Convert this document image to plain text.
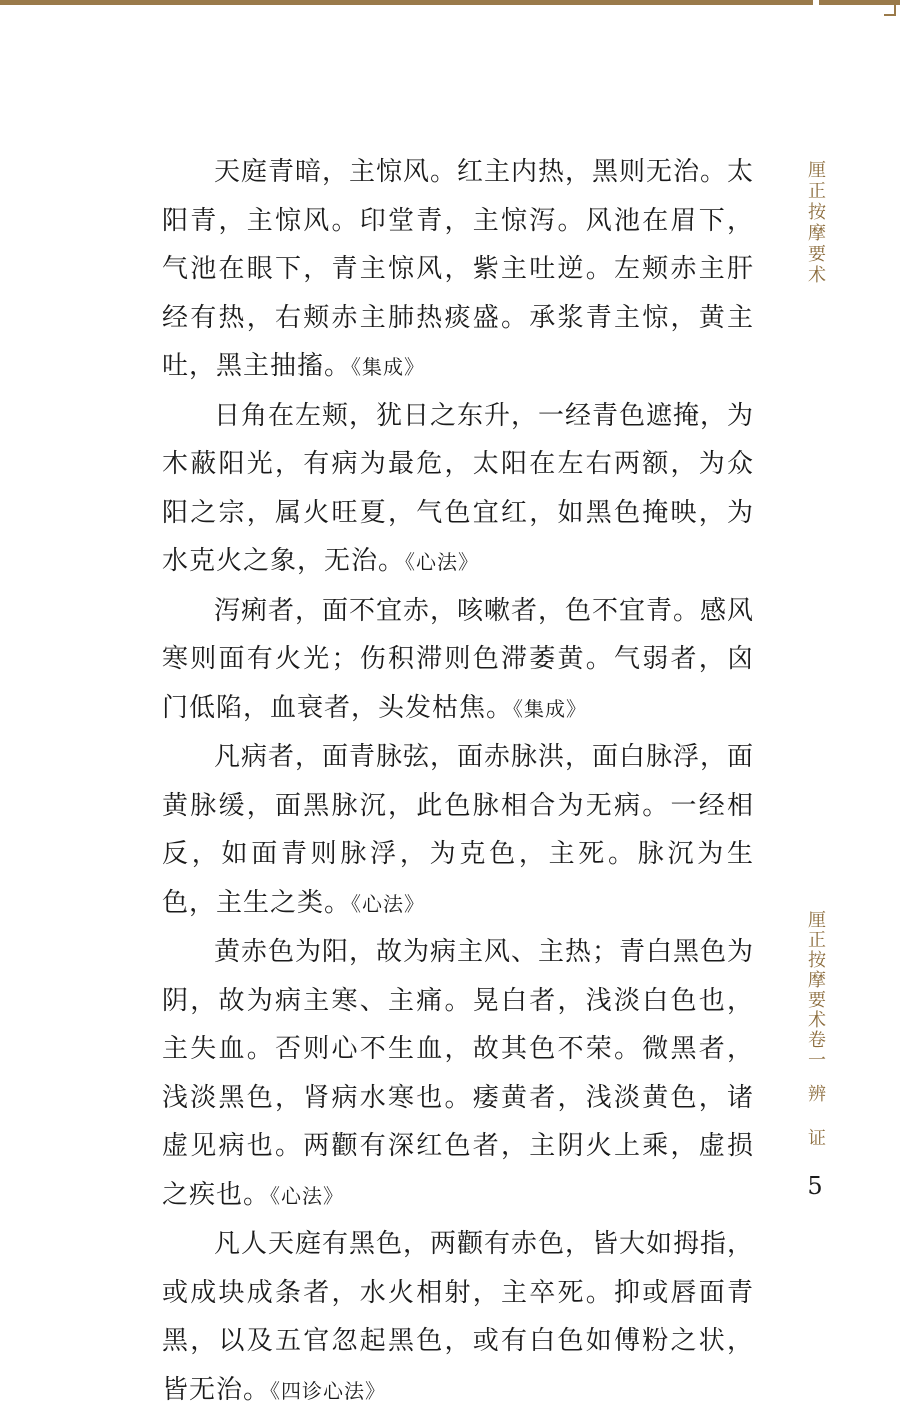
天庭青暗，主惊风。红主内热，黑则无治。太阳青，主惊风。印堂青，主惊泻。风池在眉下，气池在眼下，青主惊风，紫主吐逆。左颊赤主肝经有热，右颊赤主肺热痰盛。承浆青主惊，黄主吐，黑主抽搐。《集成》

日角在左颊，犹日之东升，一经青色遮掩，为木蔽阳光，有病为最危，太阳在左右两额，为众阳之宗，属火旺夏，气色宜红，如黑色掩映，为水克火之象，无治。《心法》

泻痢者，面不宜赤，咳嗽者，色不宜青。感风寒则面有火光；伤积滞则色滞萎黄。气弱者，囟门低陷，血衰者，头发枯焦。《集成》

凡病者，面青脉弦，面赤脉洪，面白脉浮，面黄脉缓，面黑脉沉，此色脉相合为无病。一经相反，如面青则脉浮，为克色，主死。脉沉为生色，主生之类。《心法》

黄赤色为阳，故为病主风、主热；青白黑色为阴，故为病主寒、主痛。晃白者，浅淡白色也，主失血。否则心不生血，故其色不荣。微黑者，浅淡黑色，肾病水寒也。痿黄者，浅淡黄色，诸虚见病也。两颧有深红色者，主阴火上乘，虚损之疾也。《心法》

凡人天庭有黑色，两颧有赤色，皆大如拇指，或成块成条者，水火相射，主卒死。抑或唇面青黑，以及五官忽起黑色，或有白色如傅粉之状，皆无治。《四诊心法》

厘正按摩要术
厘正按摩要术卷一
辨证
5
